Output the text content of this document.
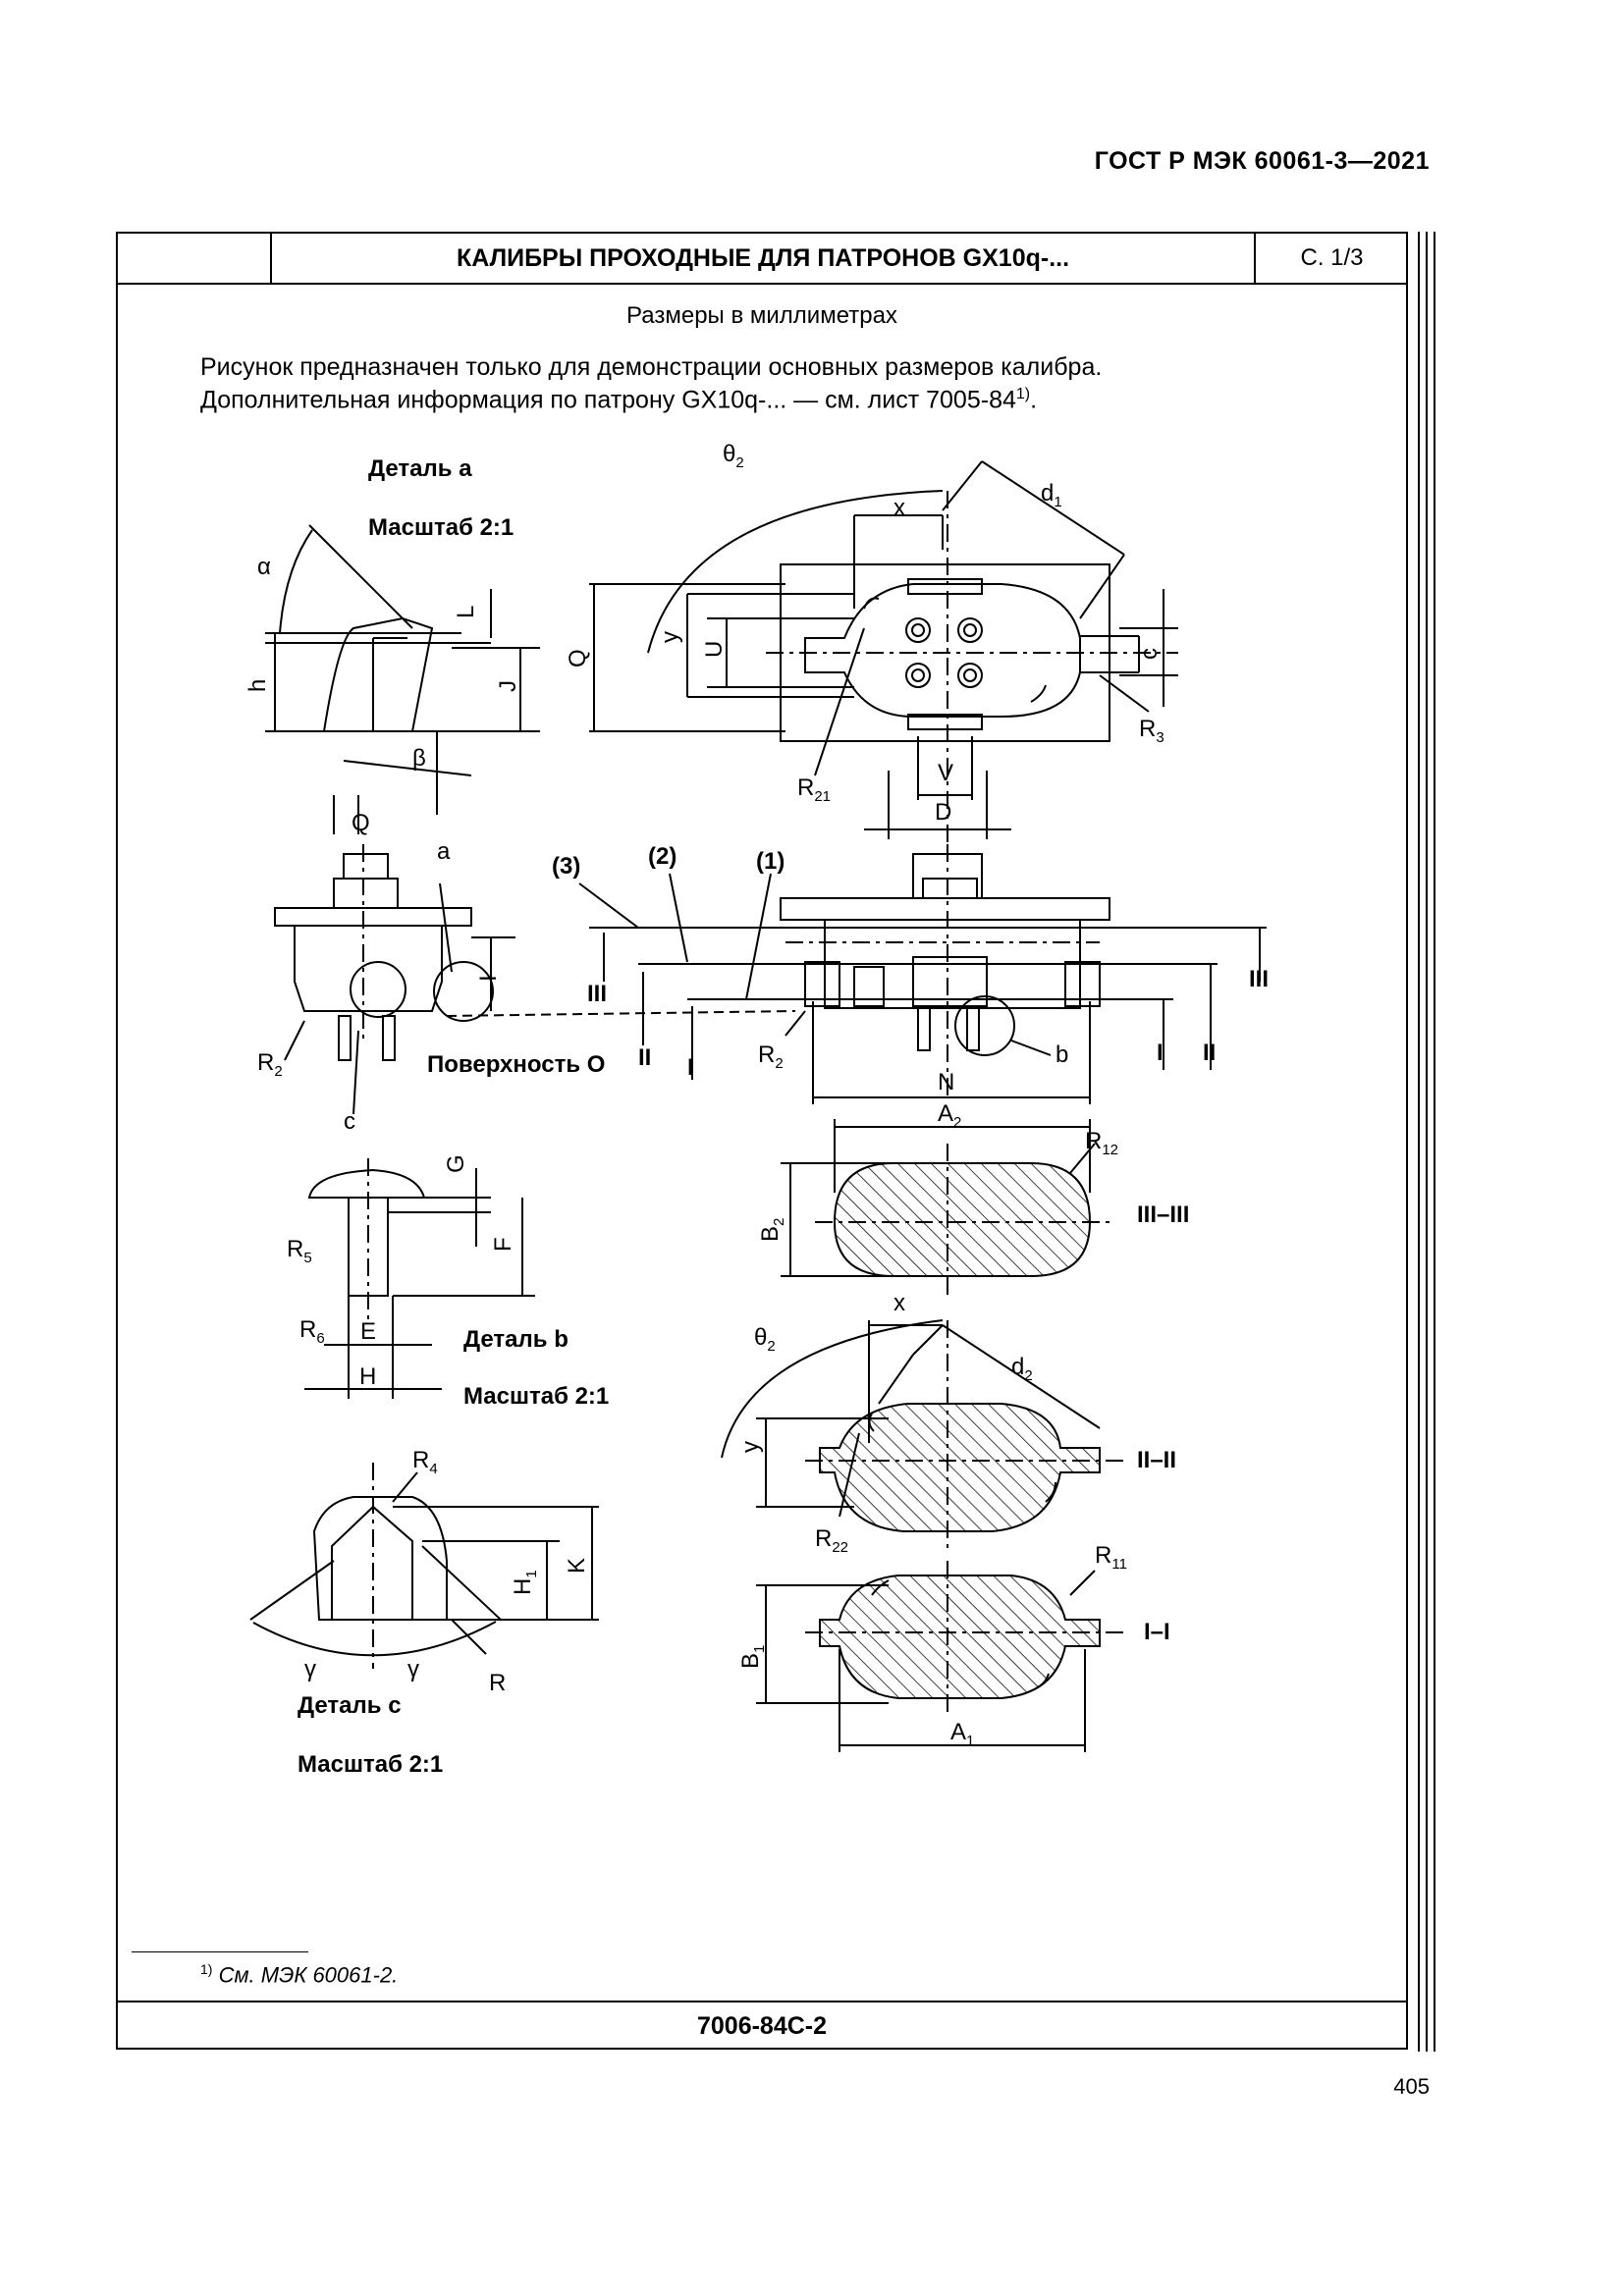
ГОСТ Р МЭК 60061-3—2021
КАЛИБРЫ ПРОХОДНЫЕ ДЛЯ ПАТРОНОВ GX10q-...	С. 1/3
Размеры в миллиметрах
Рисунок предназначен только для демонстрации основных размеров калибра.
Дополнительная информация по патрону GX10q-... — см. лист 7005-84$^{1)}$.
Деталь а
Масштаб 2:1
α
h
L
J
β
Q
a
Q
$\theta_2$
x
$d_1$
y
U	c
$R_3$
V
D
$R_{21}$
(3)	(2)	(1)
III
II I
III
II
I
I
Поверхность O
$R_2$
c
$R_2$	b
N
$A_2$
$R_{12}$
$B_2$	III–III
G
F
$R_5$
$R_6$ E
H
Деталь b
Масштаб 2:1
x
$\theta_2$
$d_2$
y	II–II
$R_{22}$	$R_{11}$
$B_1$
I–I
$A_1$
$R_4$
K
$H_1$
γ	γ
R
Деталь c
Масштаб 2:1
$^{1)}$ См. МЭК 60061-2.
7006-84C-2
405
